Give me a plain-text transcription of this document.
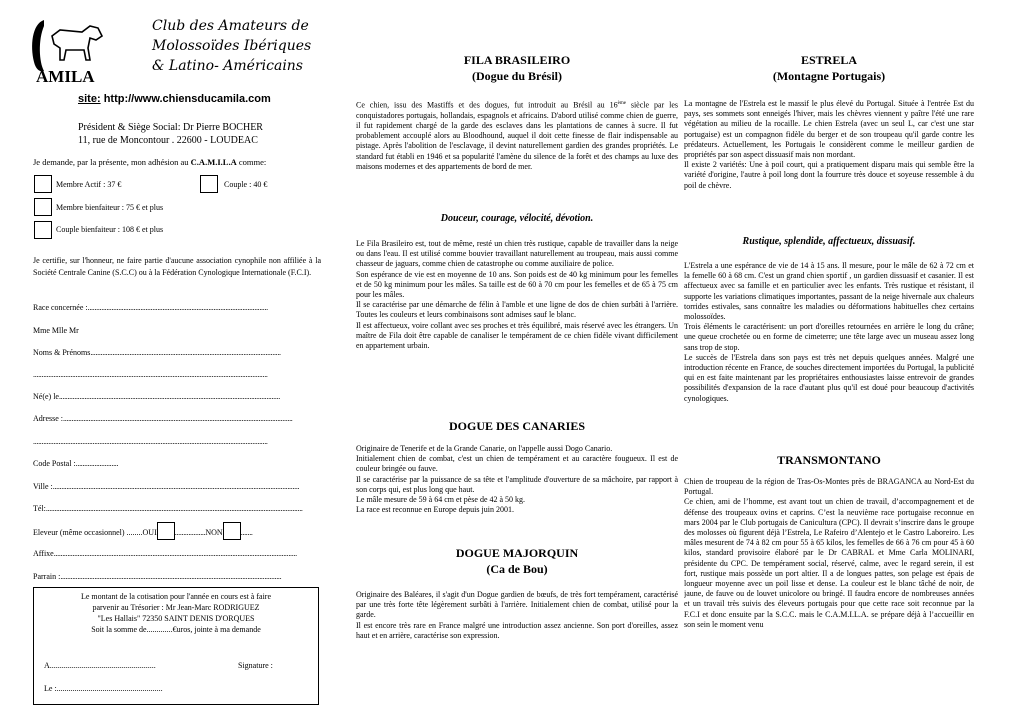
AMILA
Club des Amateurs de
Molossoïdes Ibériques
& Latino- Américains
site: http://www.chiensducamila.com
Président & Siège Social: Dr Pierre BOCHER
11, rue de Moncontour . 22600 - LOUDEAC
Je demande, par la présente, mon adhésion au C.A.M.I.L.A comme:
Membre Actif : 37 €	Couple : 40 €
Membre bienfaiteur : 75 € et plus
Couple bienfaiteur : 108 € et plus
Je certifie, sur l'honneur, ne faire partie d'aucune association cynophile non affiliée à la Société Centrale Canine (S.C.C) ou à la Fédération Cynologique Internationale (F.C.I).
Race concernée :..........................................................................................................
Mme Mlle Mr
Noms & Prénoms................................................................................................................
..........................................................................................................................................
Né(e) le..................................................................................................................................
Adresse :.......................................................................................................................................
..........................................................................................................................................
Code Postal :.........................
Ville :.................................................................................................................................................
Tél:.......................................................................................................................................................
Eleveur (même occasionnel) ........OUI ..................NON .......
Affixe...............................................................................................................................................
Parrain :..................................................................................................................................
Le montant de la cotisation pour l'année en cours est à faire
parvenir au Trésorier : Mr Jean-Marc RODRIGUEZ
"Les Hallais" 72350 SAINT DENIS D'ORQUES
Soit la somme de.............€uros, jointe à ma demande
A.....................................................	Signature :
Le :.....................................................
FILA BRASILEIRO
(Dogue du Brésil)
Ce chien, issu des Mastiffs et des dogues, fut introduit au Brésil au 16ème siècle par les conquistadores portugais, hollandais, espagnols et africains. D'abord utilisé comme chien de guerre, il fut rapidement chargé de la garde des esclaves dans les plantations de cannes à sucre. Il fut probablement accouplé alors au Bloodhound, auquel il doit cette finesse de flair indispensable au pistage. Après l'abolition de l'esclavage, il devint naturellement gardien des grandes propriétés. Le standard fut établi en 1946 et sa popularité l'amène du silence de la forêt et des champs au luxe des maisons modernes et des appartements de bord de mer.

Douceur, courage, vélocité, dévotion.

Le Fila Brasileiro est, tout de même, resté un chien très rustique, capable de travailler dans la neige ou dans l'eau. Il est utilisé comme bouvier travaillant naturellement au troupeau, mais aussi comme chasseur de jaguars, comme chien de catastrophe ou comme auxiliaire de police.

Son espérance de vie est en moyenne de 10 ans. Son poids est de 40 kg minimum pour les femelles et de 50 kg minimum pour les mâles. Sa taille est de 60 à 70 cm pour les femelles et de 65 à 75 cm pour les mâles.

Il se caractérise par une démarche de félin à l'amble et une ligne de dos de chien surbâti à l'arrière. Toutes les couleurs et leurs combinaisons sont admises sauf le blanc.

Il est affectueux, voire collant avec ses proches et très équilibré, mais réservé avec les étrangers. Un maître de Fila doit être capable de canaliser le tempérament de ce chien fidèle vivant difficilement en appartement urbain.

DOGUE DES CANARIES

Originaire de Tenerife et de la Grande Canarie, on l'appelle aussi Dogo Canario.

Initialement chien de combat, c'est un chien de tempérament et au caractère fougueux. Il est de couleur bringée ou fauve.

Il se caractérise par la puissance de sa tête et l'amplitude d'ouverture de sa mâchoire, par rapport à son corps qui, est plus long que haut.

Le mâle mesure de 59 à 64 cm et pèse de 42 à 50 kg.

La race est reconnue en Europe depuis juin 2001.

DOGUE MAJORQUIN
(Ca de Bou)

Originaire des Baléares, il s'agit d'un Dogue gardien de bœufs, de très fort tempérament, caractérisé par une très forte tête légèrement surbâti à l'arrière. Initialement chien de combat, utilisé pour la garde.

Il est encore très rare en France malgré une introduction assez ancienne. Son port d'oreilles, assez haut et en arrière, caractérise son expression.

ESTRELA
(Montagne Portugais)

La montagne de l'Estrela est le massif le plus élevé du Portugal. Située à l'entrée Est du pays, ses sommets sont enneigés l'hiver, mais les chèvres viennent y paître l'été une rare végétation au milieu de la rocaille. Le chien Estrela (avec un seul L, car c'est une star portugaise) est un compagnon fidèle du berger et de son troupeau qu'il garde contre les prédateurs. Actuellement, les Portugais le considèrent comme le meilleur gardien de propriétés par son aspect dissuasif mais non mordant.

Il existe 2 variétés: Une à poil court, qui a pratiquement disparu mais qui semble être la variété d'origine, l'autre à poil long dont la fourrure très douce et soyeuse ressemble à du poil de chèvre.

Rustique, splendide, affectueux, dissuasif.

L'Estrela a une espérance de vie de 14 à 15 ans. Il mesure, pour le mâle de 62 à 72 cm et la femelle 60 à 68 cm. C'est un grand chien sportif , un gardien dissuasif et casanier. Il est affectueux avec sa famille et en particulier avec les enfants. Très rustique et résistant, il supporte les variations climatiques importantes, passant de la neige hivernale aux chaleurs torrides estivales, sans connaître les maladies ou déformations habituelles chez certains molossoïdes.

Trois éléments le caractérisent: un port d'oreilles retournées en arrière le long du crâne; une queue crochetée ou en forme de cimeterre; une tête large avec un museau assez long sans trop de stop.

Le succès de l'Estrela dans son pays est très net depuis quelques années. Malgré une introduction récente en France, de souches directement importées du Portugal, la publicité qui en est faite maintenant par les propriétaires enthousiastes laisse entrevoir de grandes possibilités d'expansion de la race d'autant plus qu'il est doué pour beaucoup d'activités cynologiques.

TRANSMONTANO

Chien de troupeau de la région de Tras-Os-Montes près de BRAGANCA au Nord-Est du Portugal.

Ce chien, ami de l’homme, est avant tout un chien de travail, d’accompagnement et de défense des troupeaux ovins et caprins. C’est la neuvième race portugaise reconnue en mars 2004 par le Club portugais de Canicultura (CPC). Il devrait s’inscrire dans le groupe des molosses où figurent déjà l’Estrela, Le Rafeiro d’Alentejo et le Castro Laboreiro. Les mâles mesurent de 74 à 82 cm pour 55 à 65 kilos, les femelles de 66 à 76 cm pour 45 à 60 kilos, standard provisoire élaboré par le Dr CABRAL et Mme Carla MOLINARI, présidente du CPC. De tempérament social, réservé, calme, avec le regard serein, il est fort, rustique mais possède un port altier. Il a de longues pattes, son pelage est épais de longueur moyenne avec un poil lisse et dense. La couleur est le blanc tâché de noir, de jaune, de fauve ou de louvet unicolore ou bringé. Il faudra encore de nombreuses années et un travail très suivis des éleveurs portugais pour que cette race soit reconnue par la F.C.I et donc ensuite par la S.C.C. mais le C.A.M.I.L.A. se prépare déjà à l’accueillir en son sein le moment venu
